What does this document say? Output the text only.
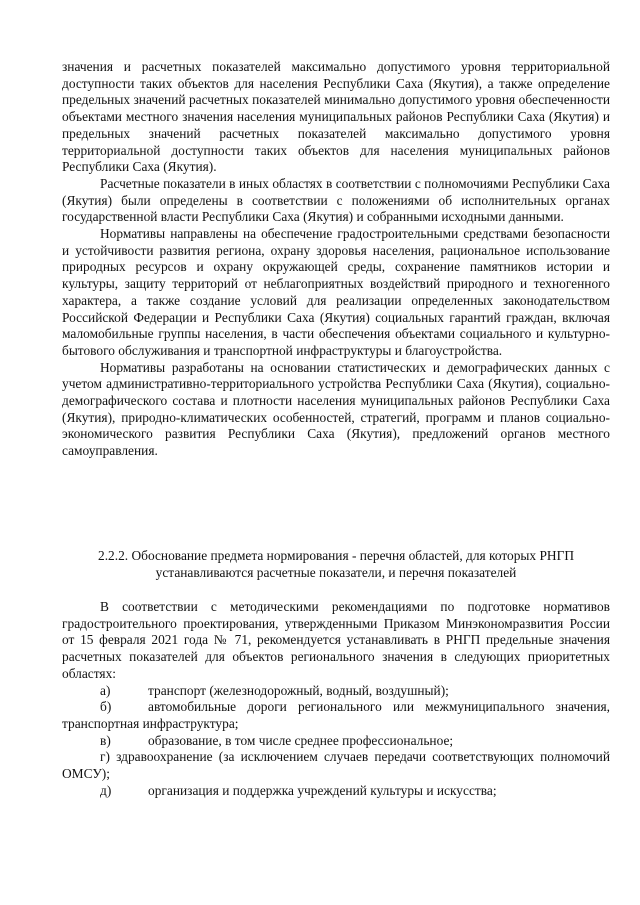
значения и расчетных показателей максимально допустимого уровня территориальной доступности таких объектов для населения Республики Саха (Якутия), а также определение предельных значений расчетных показателей минимально допустимого уровня обеспеченности объектами местного значения населения муниципальных районов Республики Саха (Якутия) и предельных значений расчетных показателей максимально допустимого уровня территориальной доступности таких объектов для населения муниципальных районов Республики Саха (Якутия).

Расчетные показатели в иных областях в соответствии с полномочиями Республики Саха (Якутия) были определены в соответствии с положениями об исполнительных органах государственной власти Республики Саха (Якутия) и собранными исходными данными.

Нормативы направлены на обеспечение градостроительными средствами безопасности и устойчивости развития региона, охрану здоровья населения, рациональное использование природных ресурсов и охрану окружающей среды, сохранение памятников истории и культуры, защиту территорий от неблагоприятных воздействий природного и техногенного характера, а также создание условий для реализации определенных законодательством Российской Федерации и Республики Саха (Якутия) социальных гарантий граждан, включая маломобильные группы населения, в части обеспечения объектами социального и культурно-бытового обслуживания и транспортной инфраструктуры и благоустройства.

Нормативы разработаны на основании статистических и демографических данных с учетом административно-территориального устройства Республики Саха (Якутия), социально-демографического состава и плотности населения муниципальных районов Республики Саха (Якутия), природно-климатических особенностей, стратегий, программ и планов социально-экономического развития Республики Саха (Якутия), предложений органов местного самоуправления.

2.2.2. Обоснование предмета нормирования - перечня областей, для которых РНГП
устанавливаются расчетные показатели, и перечня показателей

В соответствии с методическими рекомендациями по подготовке нормативов градостроительного проектирования, утвержденными Приказом Минэкономразвития России от 15 февраля 2021 года № 71, рекомендуется устанавливать в РНГП предельные значения расчетных показателей для объектов регионального значения в следующих приоритетных областях:

а)	транспорт (железнодорожный, водный, воздушный);

б)	автомобильные дороги регионального или межмуниципального значения, транспортная инфраструктура;

в)	образование, в том числе среднее профессиональное;

г) здравоохранение (за исключением случаев передачи соответствующих полномочий ОМСУ);

д)	организация и поддержка учреждений культуры и искусства;
